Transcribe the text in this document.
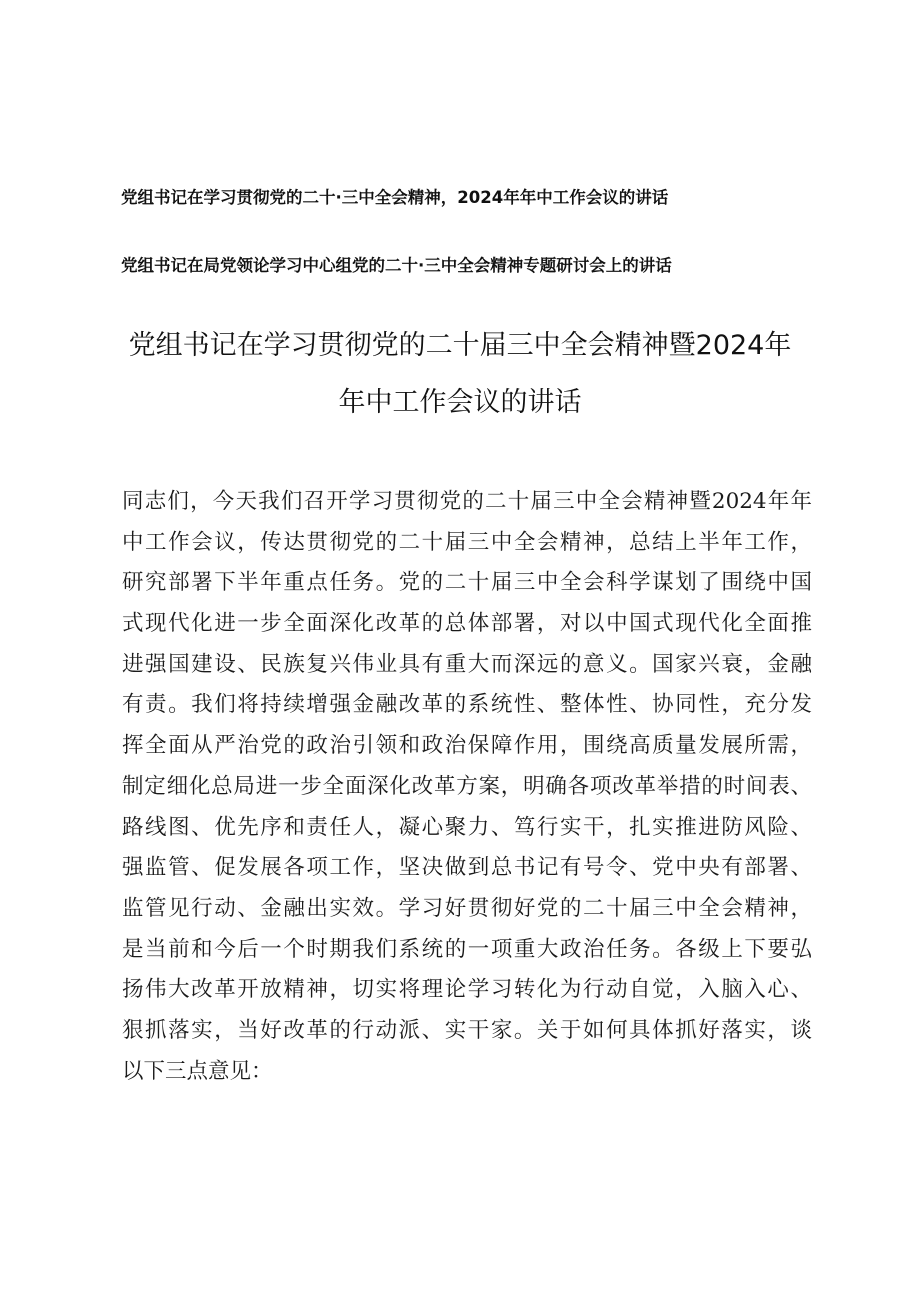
党组书记在学习贯彻党的二十·三中全会精神，2024年年中工作会议的讲话
党组书记在局党领论学习中心组党的二十·三中全会精神专题研讨会上的讲话
党组书记在学习贯彻党的二十届三中全会精神暨2024年
年中工作会议的讲话
同志们，今天我们召开学习贯彻党的二十届三中全会精神暨2024年年
中工作会议，传达贯彻党的二十届三中全会精神，总结上半年工作，
研究部署下半年重点任务。党的二十届三中全会科学谋划了围绕中国
式现代化进一步全面深化改革的总体部署，对以中国式现代化全面推
进强国建设、民族复兴伟业具有重大而深远的意义。国家兴衰，金融
有责。我们将持续增强金融改革的系统性、整体性、协同性，充分发
挥全面从严治党的政治引领和政治保障作用，围绕高质量发展所需，
制定细化总局进一步全面深化改革方案，明确各项改革举措的时间表、
路线图、优先序和责任人，凝心聚力、笃行实干，扎实推进防风险、
强监管、促发展各项工作，坚决做到总书记有号令、党中央有部署、
监管见行动、金融出实效。学习好贯彻好党的二十届三中全会精神，
是当前和今后一个时期我们系统的一项重大政治任务。各级上下要弘
扬伟大改革开放精神，切实将理论学习转化为行动自觉，入脑入心、
狠抓落实，当好改革的行动派、实干家。关于如何具体抓好落实，谈
以下三点意见：
